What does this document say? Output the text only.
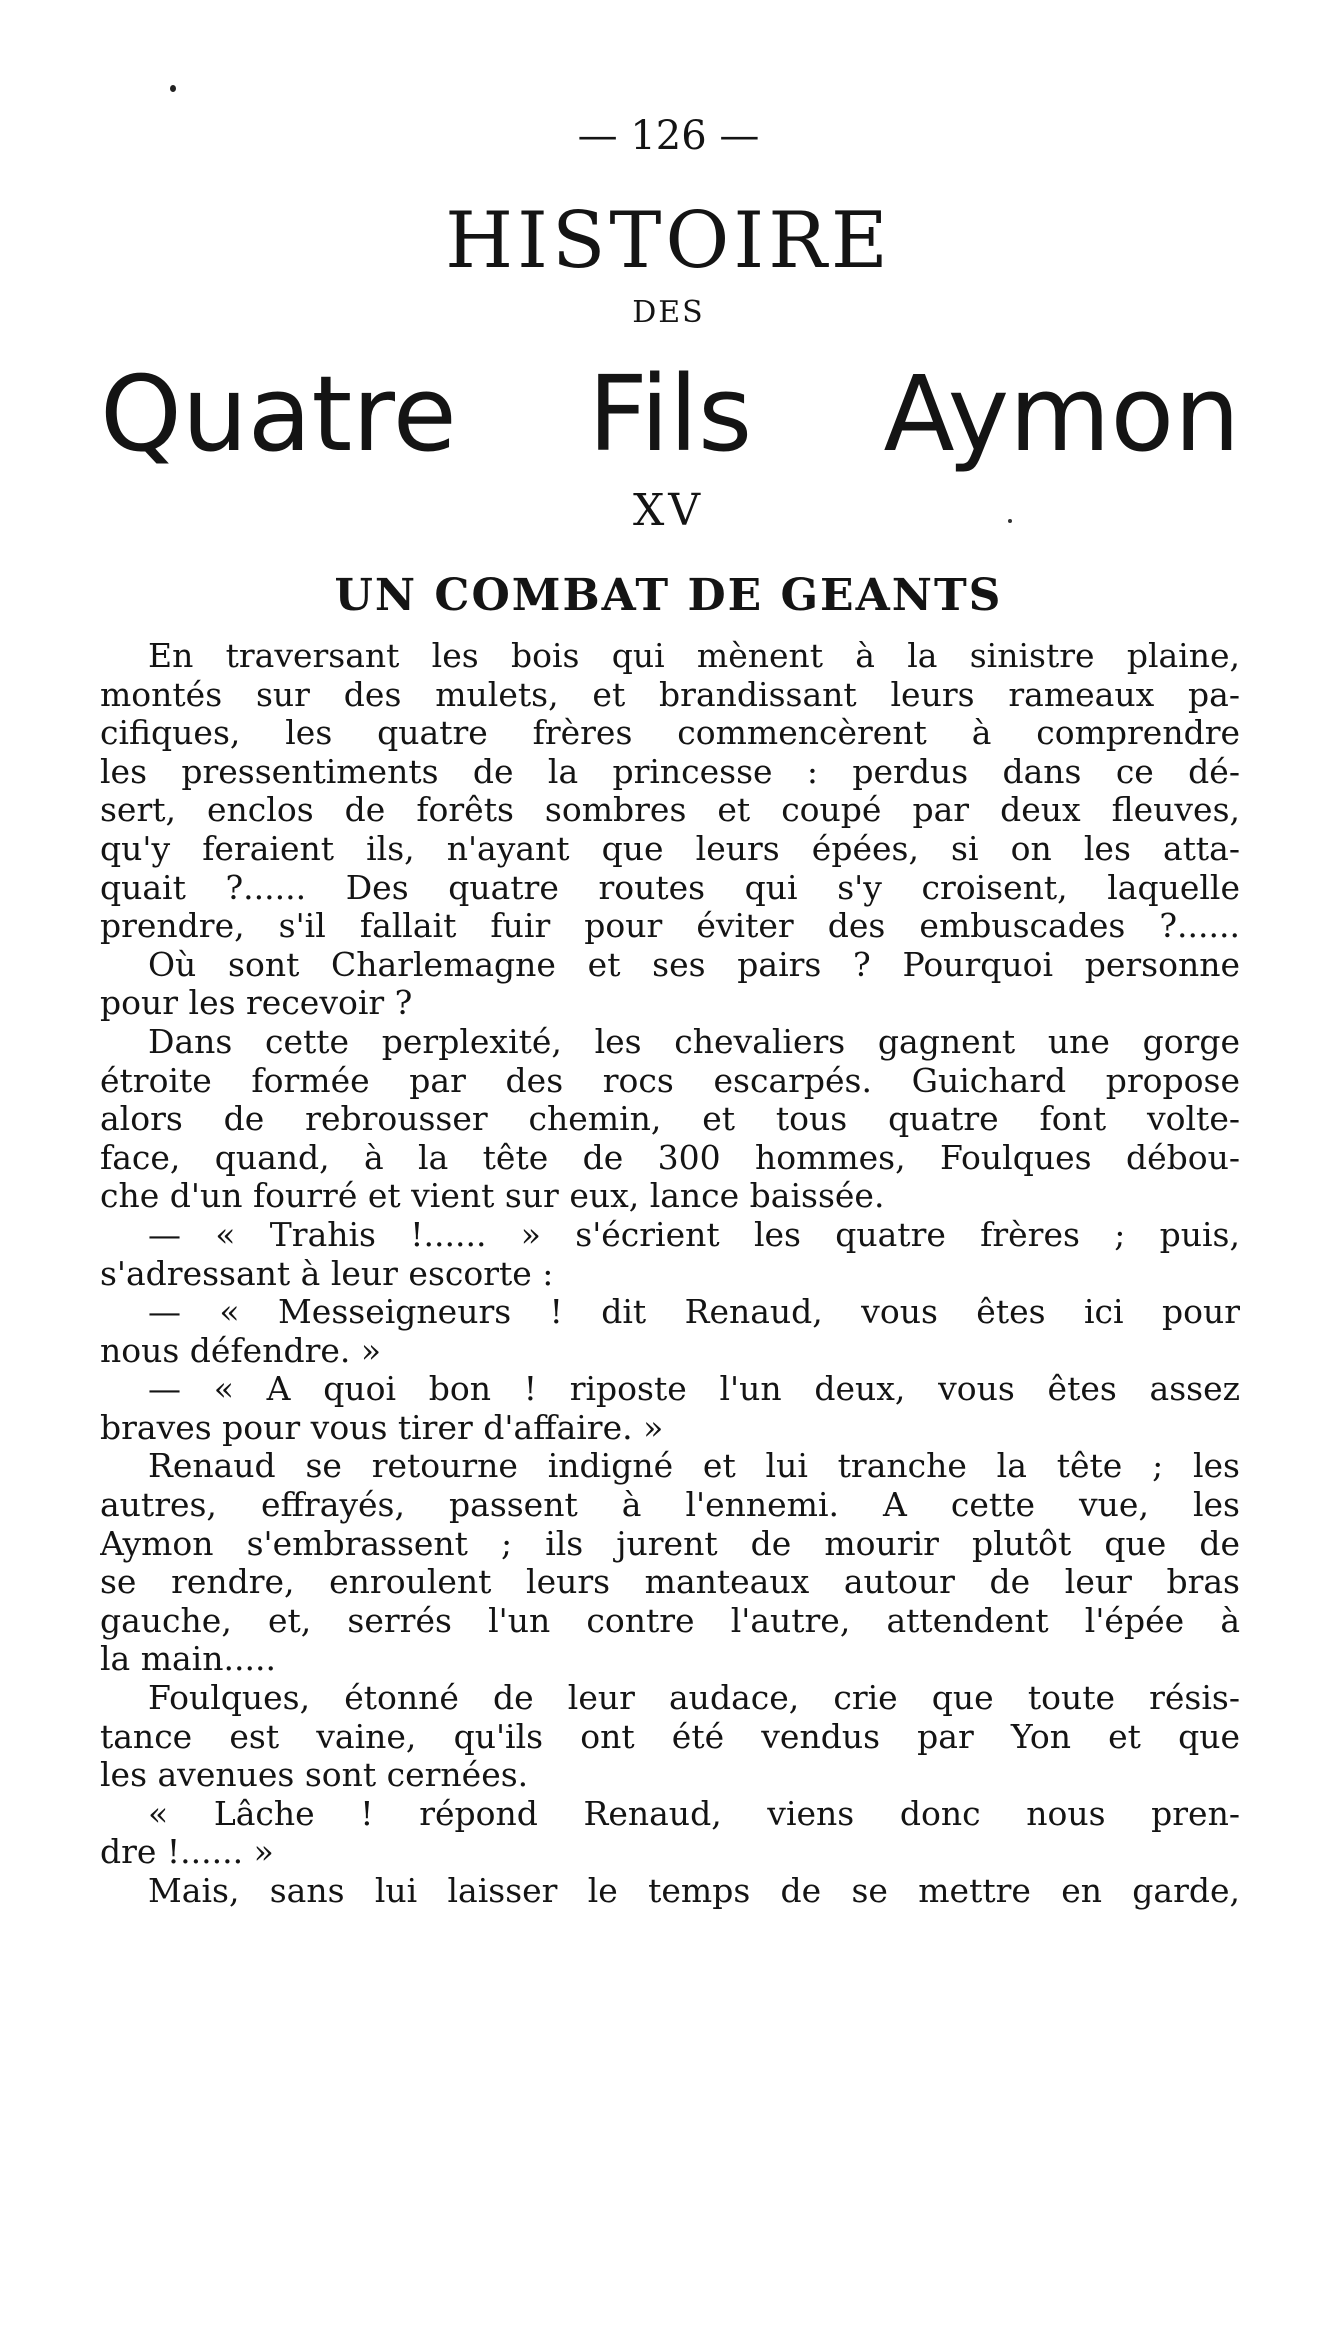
— 126 —
HISTOIRE
DES
Quatre Fils Aymon
XV
UN COMBAT DE GEANTS
En traversant les bois qui mènent à la sinistre plaine,
montés sur des mulets, et brandissant leurs rameaux pa-
cifiques, les quatre frères commencèrent à comprendre
les pressentiments de la princesse : perdus dans ce dé-
sert, enclos de forêts sombres et coupé par deux fleuves,
qu'y feraient ils, n'ayant que leurs épées, si on les atta-
quait ?...... Des quatre routes qui s'y croisent, laquelle
prendre, s'il fallait fuir pour éviter des embuscades ?......
Où sont Charlemagne et ses pairs ? Pourquoi personne
pour les recevoir ?
Dans cette perplexité, les chevaliers gagnent une gorge
étroite formée par des rocs escarpés. Guichard propose
alors de rebrousser chemin, et tous quatre font volte-
face, quand, à la tête de 300 hommes, Foulques débou-
che d'un fourré et vient sur eux, lance baissée.
— « Trahis !...... » s'écrient les quatre frères ; puis,
s'adressant à leur escorte :
— « Messeigneurs ! dit Renaud, vous êtes ici pour
nous défendre. »
— « A quoi bon ! riposte l'un deux, vous êtes assez
braves pour vous tirer d'affaire. »
Renaud se retourne indigné et lui tranche la tête ; les
autres, effrayés, passent à l'ennemi. A cette vue, les
Aymon s'embrassent ; ils jurent de mourir plutôt que de
se rendre, enroulent leurs manteaux autour de leur bras
gauche, et, serrés l'un contre l'autre, attendent l'épée à
la main.....
Foulques, étonné de leur audace, crie que toute résis-
tance est vaine, qu'ils ont été vendus par Yon et que
les avenues sont cernées.
« Lâche ! répond Renaud, viens donc nous pren-
dre !...... »
Mais, sans lui laisser le temps de se mettre en garde,
